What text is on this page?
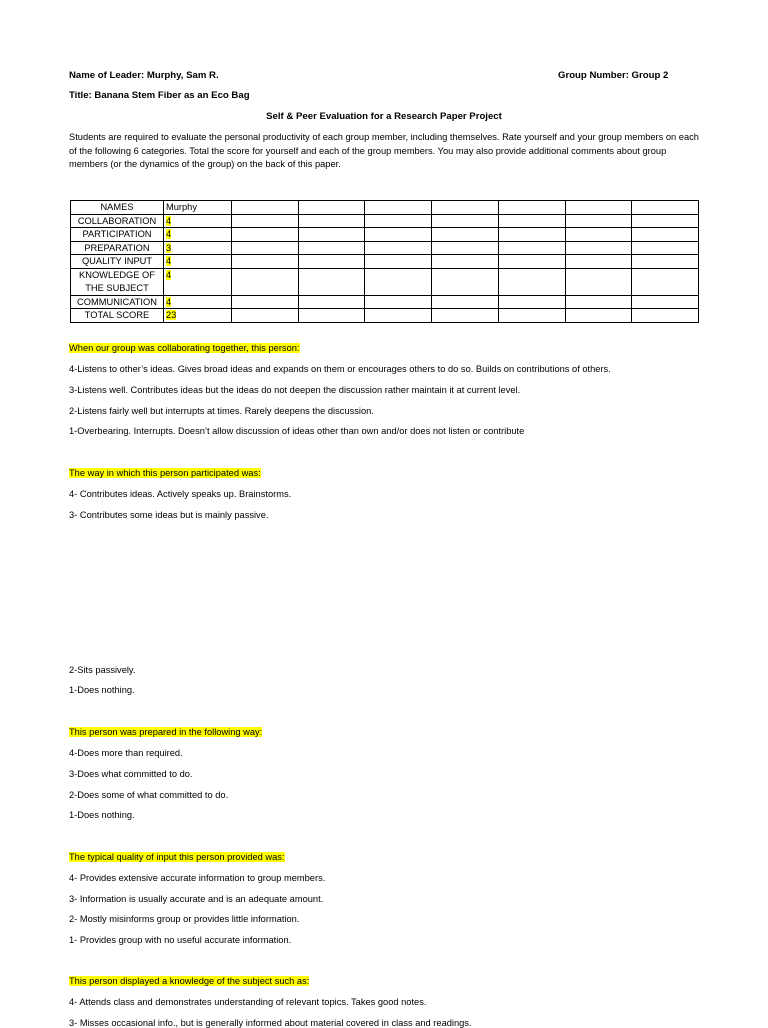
Name of Leader: Murphy, Sam R.	Group Number: Group 2
Title: Banana Stem Fiber as an Eco Bag
Self & Peer Evaluation for a Research Paper Project
Students are required to evaluate the personal productivity of each group member, including themselves. Rate yourself and your group members on each of the following 6 categories. Total the score for yourself and each of the group members. You may also provide additional comments about group members (or the dynamics of the group) on the back of this paper.
NAMES	Murphy							
COLLABORATION	4							
PARTICIPATION	4							
PREPARATION	3							
QUALITY INPUT	4							
KNOWLEDGE OF
THE SUBJECT	4							
COMMUNICATION	4							
TOTAL SCORE	23							
When our group was collaborating together, this person:
4-Listens to other’s ideas. Gives broad ideas and expands on them or encourages others to do so. Builds on contributions of others.
3-Listens well. Contributes ideas but the ideas do not deepen the discussion rather maintain it at current level.
2-Listens fairly well but interrupts at times. Rarely deepens the discussion.
1-Overbearing. Interrupts. Doesn’t allow discussion of ideas other than own and/or does not listen or contribute
The way in which this person participated was:
4- Contributes ideas. Actively speaks up. Brainstorms.
3- Contributes some ideas but is mainly passive.
2-Sits passively.
1-Does nothing.
This person was prepared in the following way:
4-Does more than required.
3-Does what committed to do.
2-Does some of what committed to do.
1-Does nothing.
The typical quality of input this person provided was:
4- Provides extensive accurate information to group members.
3- Information is usually accurate and is an adequate amount.
2- Mostly misinforms group or provides little information.
1- Provides group with no useful accurate information.
This person displayed a knowledge of the subject such as:
4- Attends class and demonstrates understanding of relevant topics. Takes good notes.
3- Misses occasional info., but is generally informed about material covered in class and readings.
